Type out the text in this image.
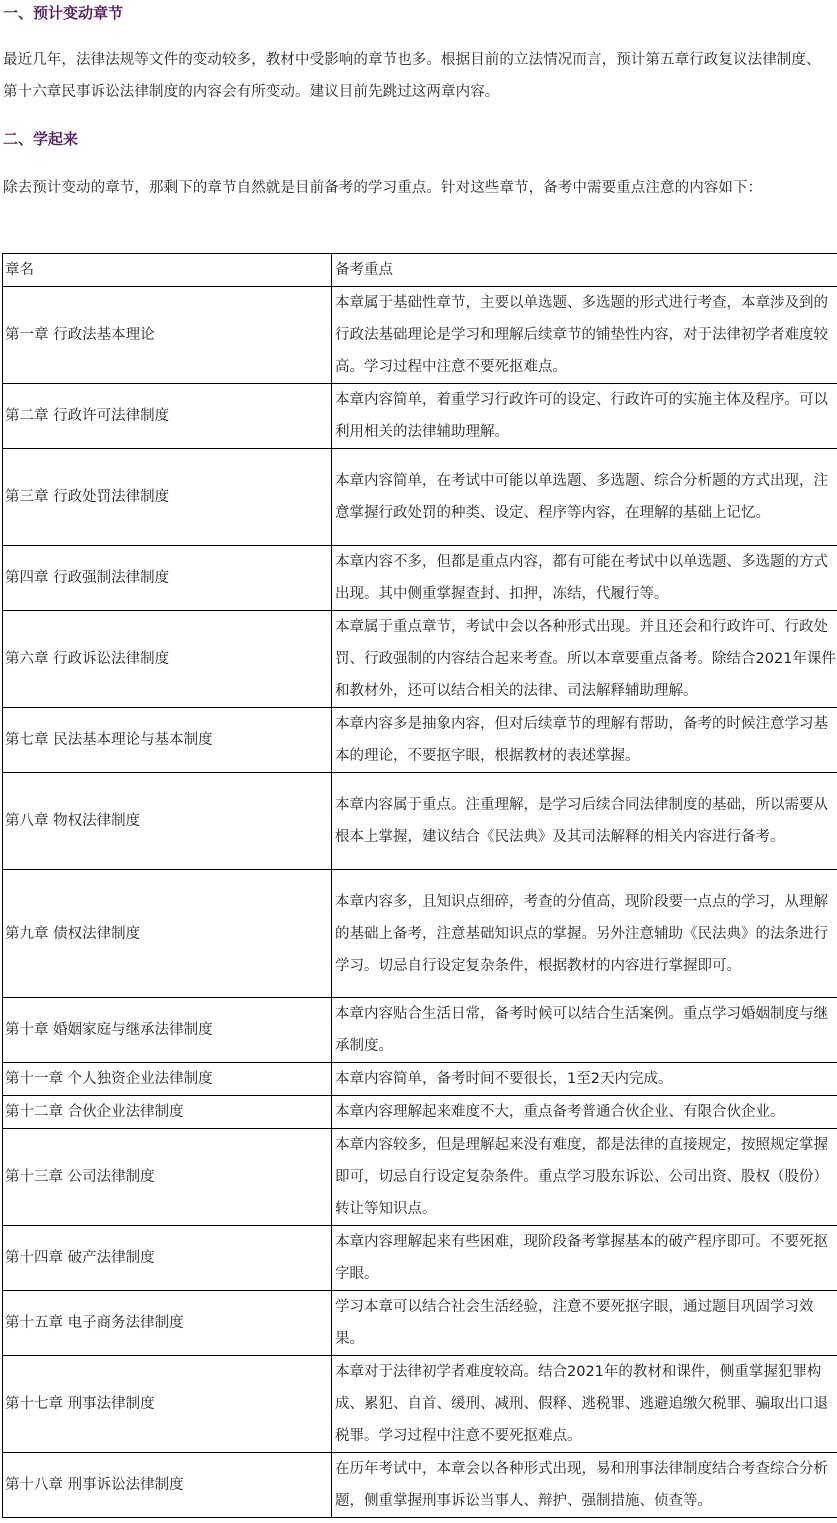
一、预计变动章节

最近几年，法律法规等文件的变动较多，教材中受影响的章节也多。根据目前的立法情况而言，预计第五章行政复议法律制度、第十六章民事诉讼法律制度的内容会有所变动。建议目前先跳过这两章内容。

二、学起来

除去预计变动的章节，那剩下的章节自然就是目前备考的学习重点。针对这些章节，备考中需要重点注意的内容如下：

章名	备考重点
第一章 行政法基本理论	本章属于基础性章节，主要以单选题、多选题的形式进行考查，本章涉及到的行政法基础理论是学习和理解后续章节的铺垫性内容，对于法律初学者难度较高。学习过程中注意不要死抠难点。
第二章 行政许可法律制度	本章内容简单，着重学习行政许可的设定、行政许可的实施主体及程序。可以利用相关的法律辅助理解。
第三章 行政处罚法律制度	本章内容简单，在考试中可能以单选题、多选题、综合分析题的方式出现，注意掌握行政处罚的种类、设定、程序等内容，在理解的基础上记忆。
第四章 行政强制法律制度	本章内容不多，但都是重点内容，都有可能在考试中以单选题、多选题的方式出现。其中侧重掌握查封、扣押，冻结，代履行等。
第六章 行政诉讼法律制度	本章属于重点章节，考试中会以各种形式出现。并且还会和行政许可、行政处罚、行政强制的内容结合起来考查。所以本章要重点备考。除结合2021年课件和教材外，还可以结合相关的法律、司法解释辅助理解。
第七章 民法基本理论与基本制度	本章内容多是抽象内容，但对后续章节的理解有帮助，备考的时候注意学习基本的理论，不要抠字眼，根据教材的表述掌握。
第八章 物权法律制度	本章内容属于重点。注重理解，是学习后续合同法律制度的基础，所以需要从根本上掌握，建议结合《民法典》及其司法解释的相关内容进行备考。
第九章 债权法律制度	本章内容多，且知识点细碎，考查的分值高，现阶段要一点点的学习，从理解的基础上备考，注意基础知识点的掌握。另外注意辅助《民法典》的法条进行学习。切忌自行设定复杂条件，根据教材的内容进行掌握即可。
第十章 婚姻家庭与继承法律制度	本章内容贴合生活日常，备考时候可以结合生活案例。重点学习婚姻制度与继承制度。
第十一章 个人独资企业法律制度	本章内容简单，备考时间不要很长，1至2天内完成。
第十二章 合伙企业法律制度	本章内容理解起来难度不大，重点备考普通合伙企业、有限合伙企业。
第十三章 公司法律制度	本章内容较多，但是理解起来没有难度，都是法律的直接规定，按照规定掌握即可，切忌自行设定复杂条件。重点学习股东诉讼、公司出资、股权（股份）转让等知识点。
第十四章 破产法律制度	本章内容理解起来有些困难，现阶段备考掌握基本的破产程序即可。不要死抠字眼。
第十五章 电子商务法律制度	学习本章可以结合社会生活经验，注意不要死抠字眼，通过题目巩固学习效果。
第十七章 刑事法律制度	本章对于法律初学者难度较高。结合2021年的教材和课件，侧重掌握犯罪构成、累犯、自首、缓刑、减刑、假释、逃税罪、逃避追缴欠税罪、骗取出口退税罪。学习过程中注意不要死抠难点。
第十八章 刑事诉讼法律制度	在历年考试中，本章会以各种形式出现，易和刑事法律制度结合考查综合分析题，侧重掌握刑事诉讼当事人、辩护、强制措施、侦查等。
